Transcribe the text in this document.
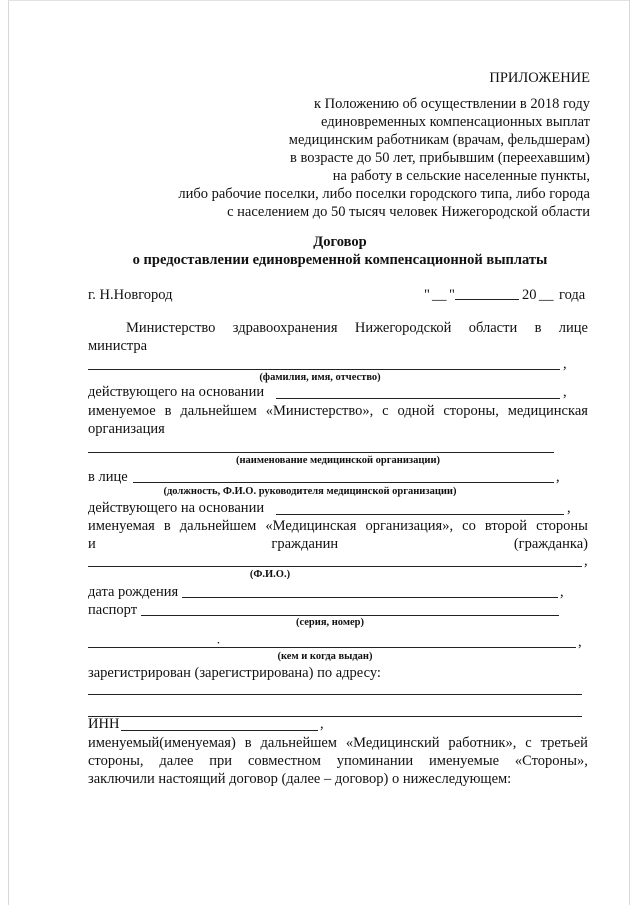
ПРИЛОЖЕНИЕ
к Положению об осуществлении в 2018 году
единовременных компенсационных выплат
медицинским работникам (врачам, фельдшерам)
в возрасте до 50 лет, прибывшим (переехавшим)
на работу в сельские населенные пункты,
либо рабочие поселки, либо поселки городского типа, либо города
с населением до 50 тысяч человек Нижегородской области
Договор
о предоставлении единовременной компенсационной выплаты
г. Н.Новгород	" __ "	20 __ года
Министерство здравоохранения Нижегородской области в лице
министра
,
(фамилия, имя, отчество)
действующего на основании	,
именуемое в дальнейшем «Министерство», с одной стороны, медицинская
организация
(наименование медицинской организации)
в лице	,
(должность, Ф.И.О. руководителя медицинской организации)
действующего на основании	,
именуемая в дальнейшем «Медицинская организация», со второй стороны
и	гражданин	(гражданка)
,
(Ф.И.О.)
дата рождения	,
паспорт
(серия, номер)
,
˙
(кем и когда выдан)
зарегистрирован (зарегистрирована) по адресу:
ИНН	,
именуемый(именуемая) в дальнейшем «Медицинский работник», с третьей
стороны, далее при совместном упоминании именуемые «Стороны»,
заключили настоящий договор (далее – договор) о нижеследующем:
